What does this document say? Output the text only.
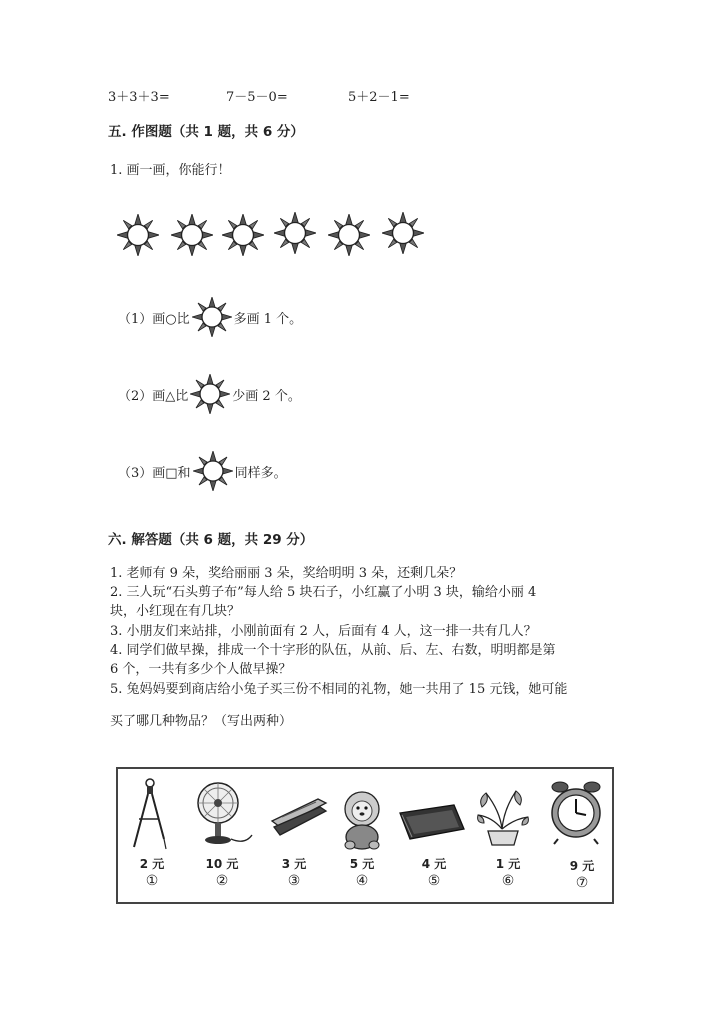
3＋3＋3=	7－5－0=	5＋2－1=
五. 作图题（共 1 题，共 6 分）
1. 画一画，你能行！
（1）画○比	多画 1 个。
（2）画△比	少画 2 个。
（3）画□和	同样多。
六. 解答题（共 6 题，共 29 分）
1. 老师有 9 朵，奖给丽丽 3 朵，奖给明明 3 朵，还剩几朵？
2. 三人玩“石头剪子布”每人给 5 块石子，小红赢了小明 3 块，输给小丽 4
块，小红现在有几块？
3. 小朋友们来站排，小刚前面有 2 人，后面有 4 人，这一排一共有几人？
4. 同学们做早操，排成一个十字形的队伍，从前、后、左、右数，明明都是第
6 个，一共有多少个人做早操？
5. 兔妈妈要到商店给小兔子买三份不相同的礼物，她一共用了 15 元钱，她可能
买了哪几种物品？（写出两种）
2 元	10 元	3 元	5 元	4 元	1 元	9 元
①	②	③	④	⑤	⑥	⑦
